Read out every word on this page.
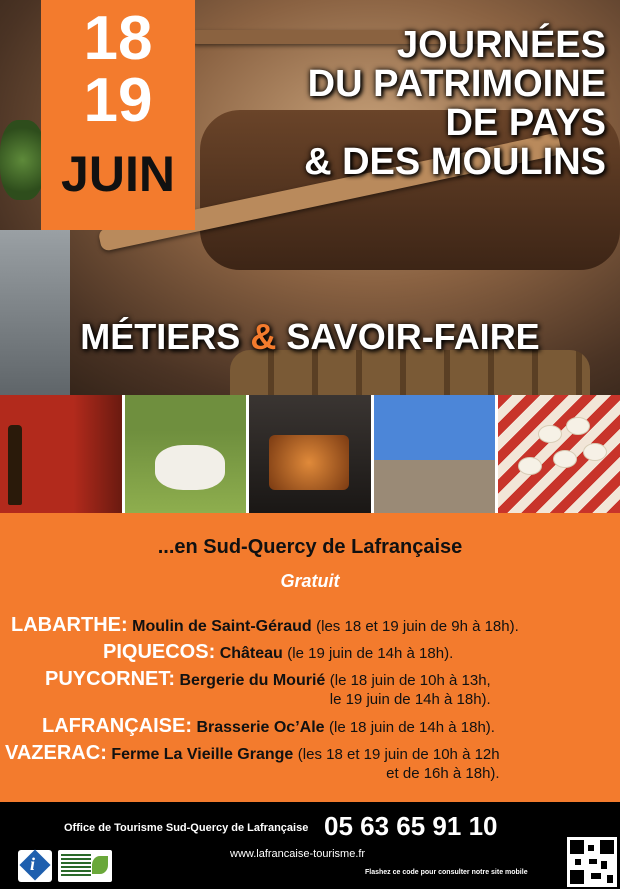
18
19
JUIN
JOURNÉES
DU PATRIMOINE
DE PAYS
& DES MOULINS
MÉTIERS & SAVOIR-FAIRE
...en Sud-Quercy de Lafrançaise
Gratuit
LABARTHE: Moulin de Saint-Géraud (les 18 et 19 juin de 9h à 18h).
PIQUECOS: Château (le 19 juin de 14h à 18h).
PUYCORNET: Bergerie du Mourié (le 18 juin de 10h à 13h,
le 19 juin de 14h à 18h).
LAFRANÇAISE: Brasserie Oc’Ale (le 18 juin de 14h à 18h).
VAZERAC: Ferme La Vieille Grange (les 18 et 19 juin de 10h à 12h
et de 16h à 18h).
Office de Tourisme Sud-Quercy de Lafrançaise 05 63 65 91 10
www.lafrancaise-tourisme.fr
Flashez ce code pour consulter notre site mobile
i
